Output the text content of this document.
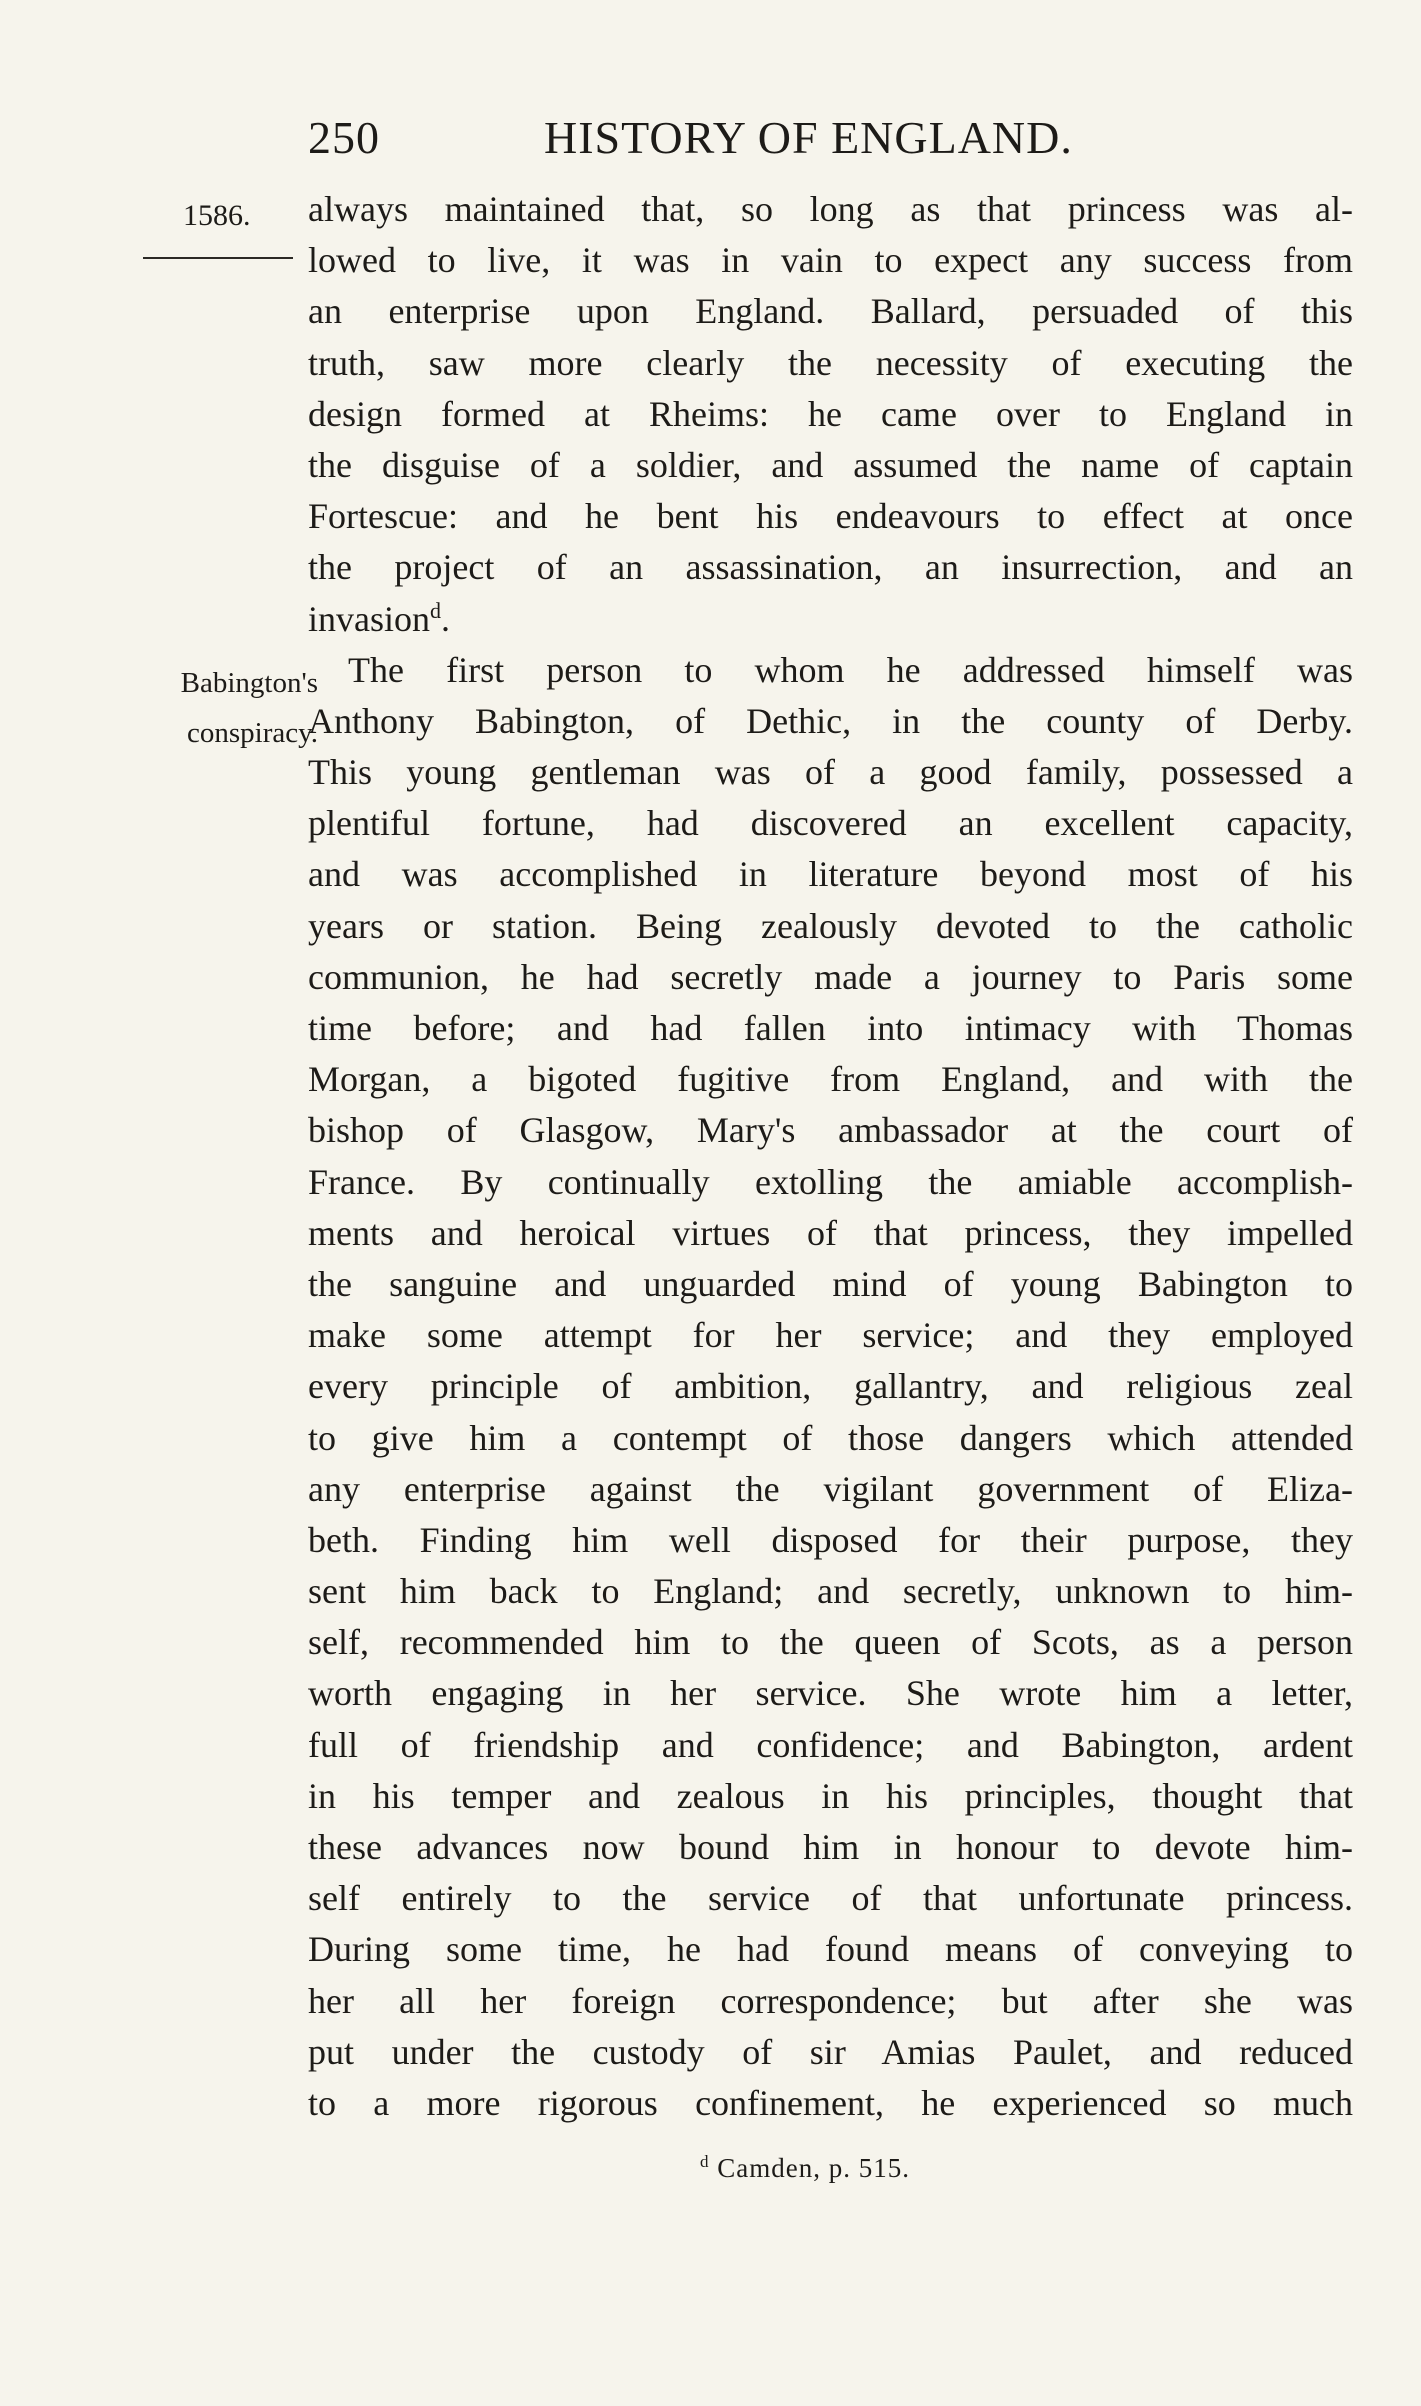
250	HISTORY OF ENGLAND.
1586.
Babington's
conspiracy.
always maintained that, so long as that princess was al-
lowed to live, it was in vain to expect any success from
an enterprise upon England. Ballard, persuaded of this
truth, saw more clearly the necessity of executing the
design formed at Rheims: he came over to England in
the disguise of a soldier, and assumed the name of captain
Fortescue: and he bent his endeavours to effect at once
the project of an assassination, an insurrection, and an
invasion$^d$.
The first person to whom he addressed himself was
Anthony Babington, of Dethic, in the county of Derby.
This young gentleman was of a good family, possessed a
plentiful fortune, had discovered an excellent capacity,
and was accomplished in literature beyond most of his
years or station. Being zealously devoted to the catholic
communion, he had secretly made a journey to Paris some
time before; and had fallen into intimacy with Thomas
Morgan, a bigoted fugitive from England, and with the
bishop of Glasgow, Mary's ambassador at the court of
France. By continually extolling the amiable accomplish-
ments and heroical virtues of that princess, they impelled
the sanguine and unguarded mind of young Babington to
make some attempt for her service; and they employed
every principle of ambition, gallantry, and religious zeal
to give him a contempt of those dangers which attended
any enterprise against the vigilant government of Eliza-
beth. Finding him well disposed for their purpose, they
sent him back to England; and secretly, unknown to him-
self, recommended him to the queen of Scots, as a person
worth engaging in her service. She wrote him a letter,
full of friendship and confidence; and Babington, ardent
in his temper and zealous in his principles, thought that
these advances now bound him in honour to devote him-
self entirely to the service of that unfortunate princess.
During some time, he had found means of conveying to
her all her foreign correspondence; but after she was
put under the custody of sir Amias Paulet, and reduced
to a more rigorous confinement, he experienced so much
$^d$ Camden, p. 515.
